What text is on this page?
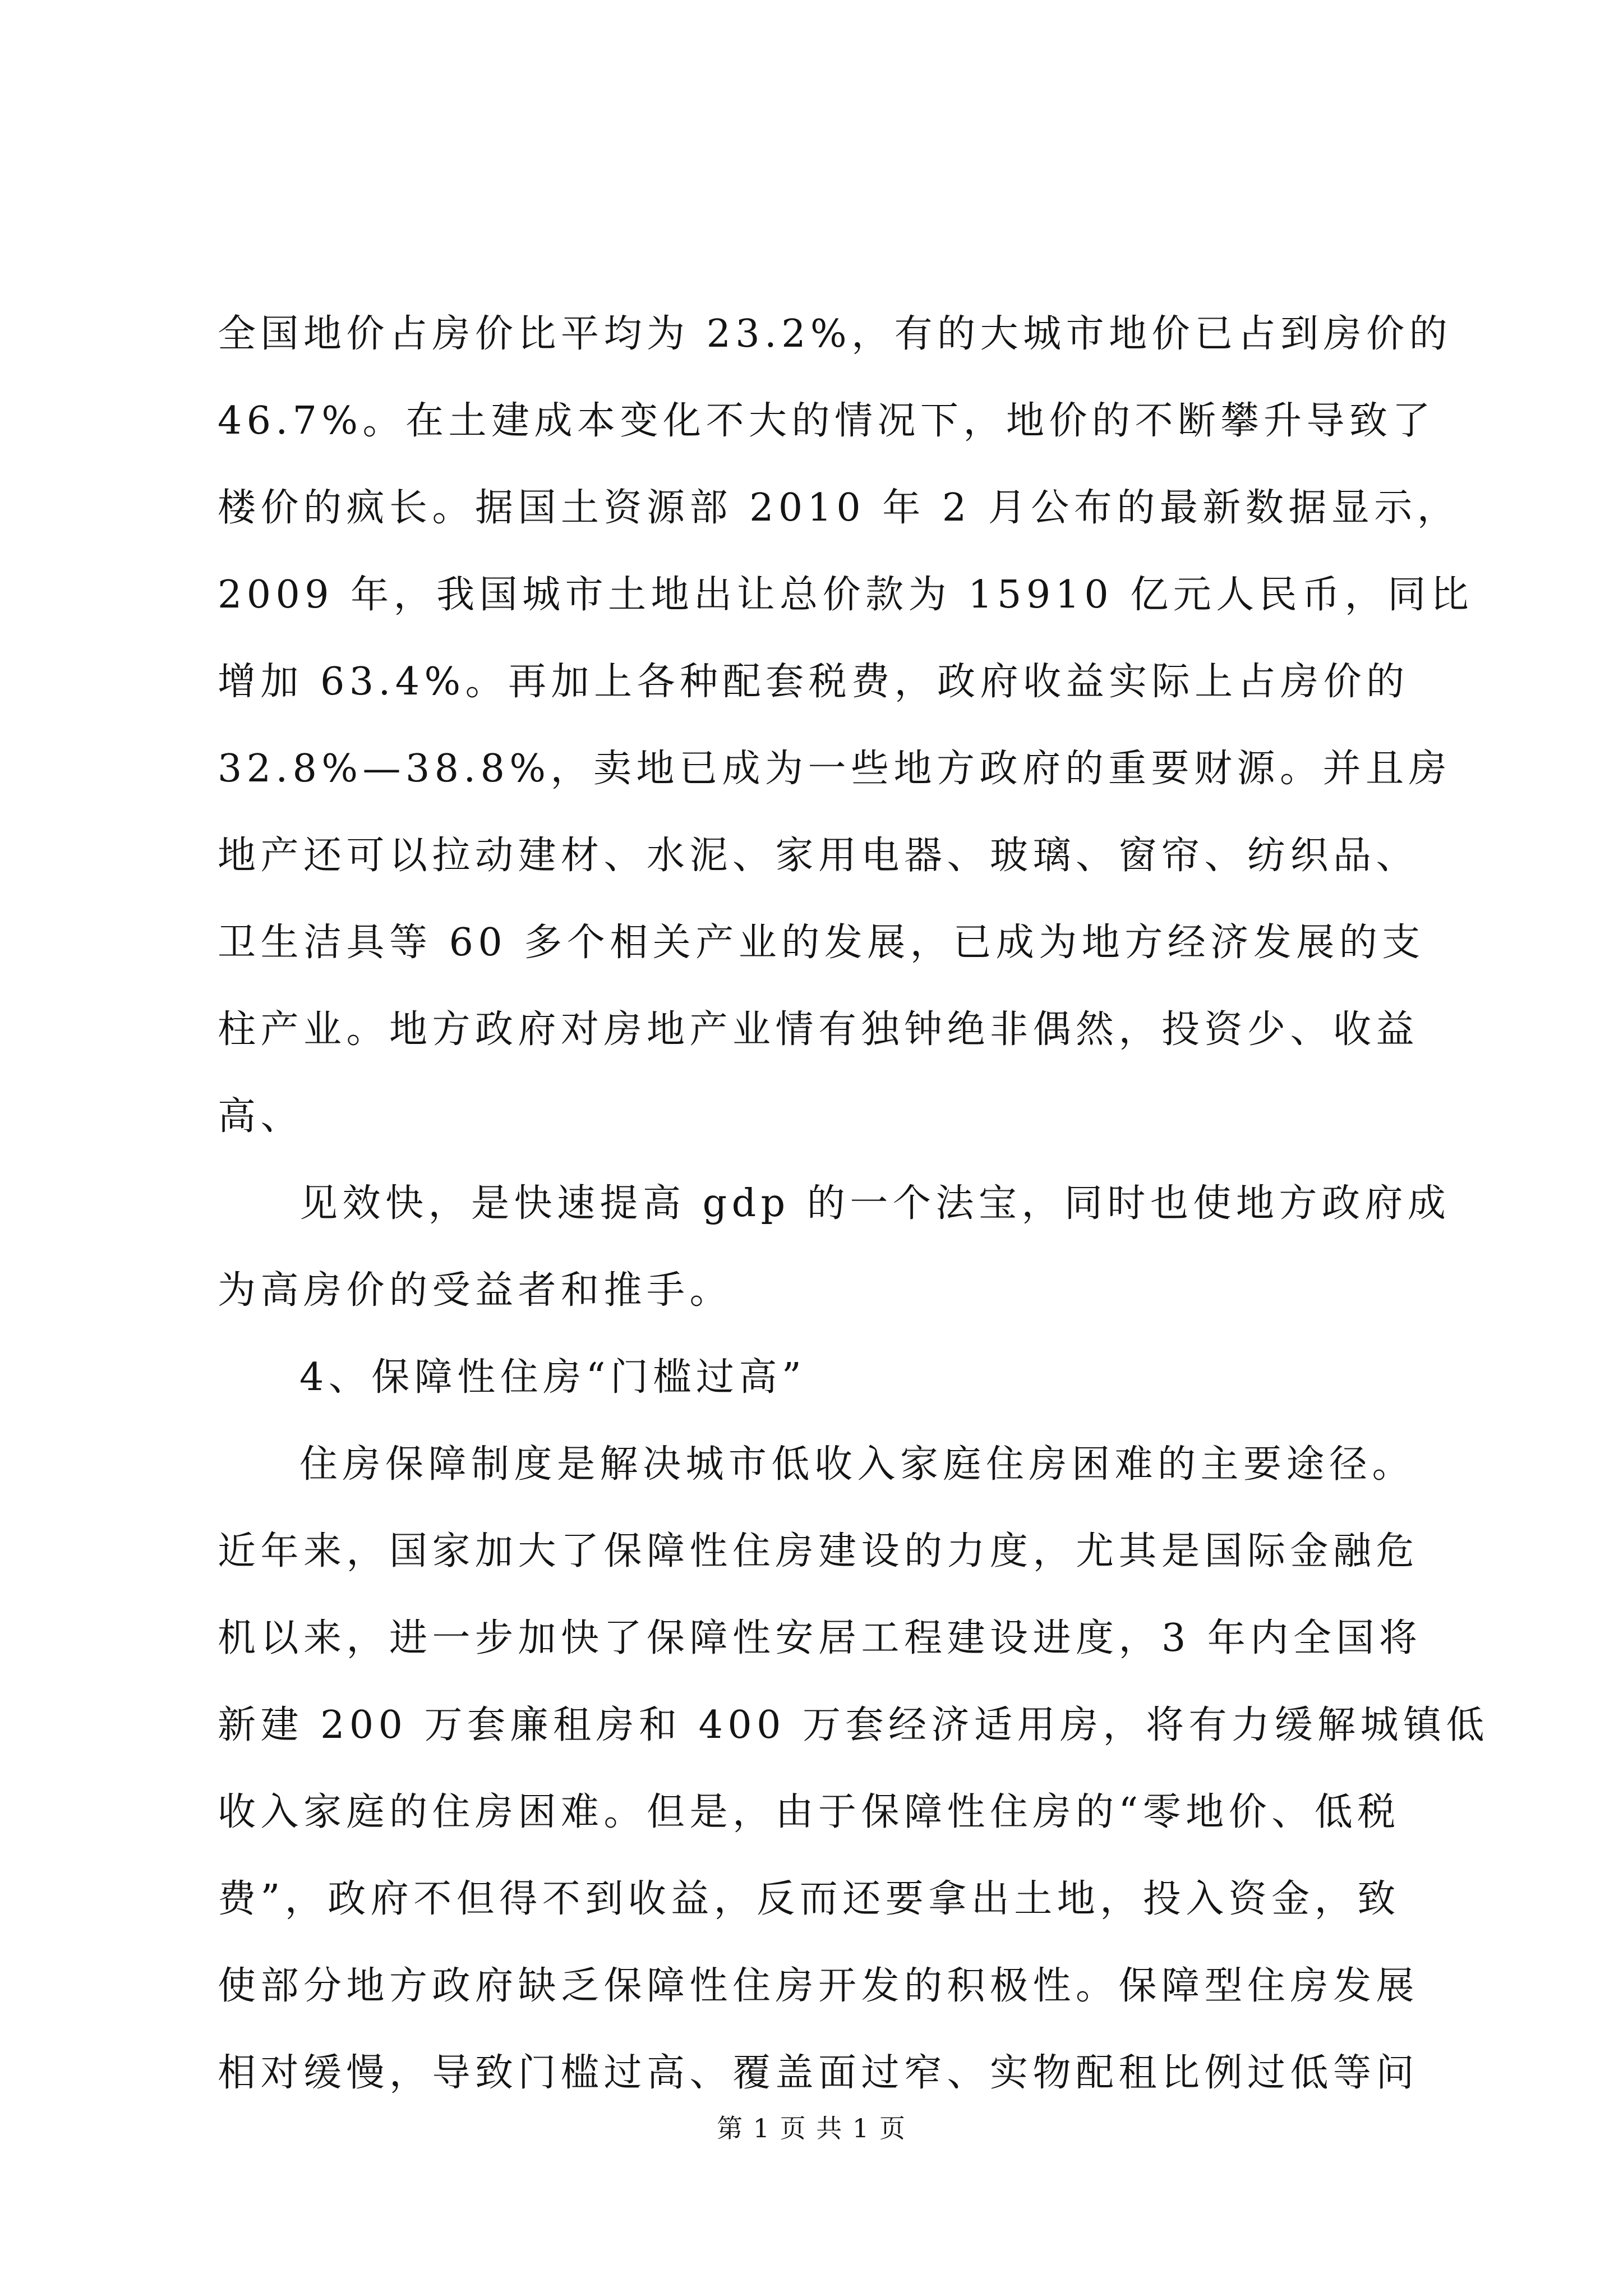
全国地价占房价比平均为 23.2%，有的大城市地价已占到房价的
46.7%。在土建成本变化不大的情况下，地价的不断攀升导致了
楼价的疯长。据国土资源部 2010 年 2 月公布的最新数据显示，
2009 年，我国城市土地出让总价款为 15910 亿元人民币，同比
增加 63.4%。再加上各种配套税费，政府收益实际上占房价的
32.8%—38.8%，卖地已成为一些地方政府的重要财源。并且房
地产还可以拉动建材、水泥、家用电器、玻璃、窗帘、纺织品、
卫生洁具等 60 多个相关产业的发展，已成为地方经济发展的支
柱产业。地方政府对房地产业情有独钟绝非偶然，投资少、收益
高、
见效快，是快速提高 gdp 的一个法宝，同时也使地方政府成
为高房价的受益者和推手。
4、保障性住房“门槛过高”
住房保障制度是解决城市低收入家庭住房困难的主要途径。
近年来，国家加大了保障性住房建设的力度，尤其是国际金融危
机以来，进一步加快了保障性安居工程建设进度，3 年内全国将
新建 200 万套廉租房和 400 万套经济适用房，将有力缓解城镇低
收入家庭的住房困难。但是，由于保障性住房的“零地价、低税
费”，政府不但得不到收益，反而还要拿出土地，投入资金，致
使部分地方政府缺乏保障性住房开发的积极性。保障型住房发展
相对缓慢，导致门槛过高、覆盖面过窄、实物配租比例过低等问
第 1 页 共 1 页
